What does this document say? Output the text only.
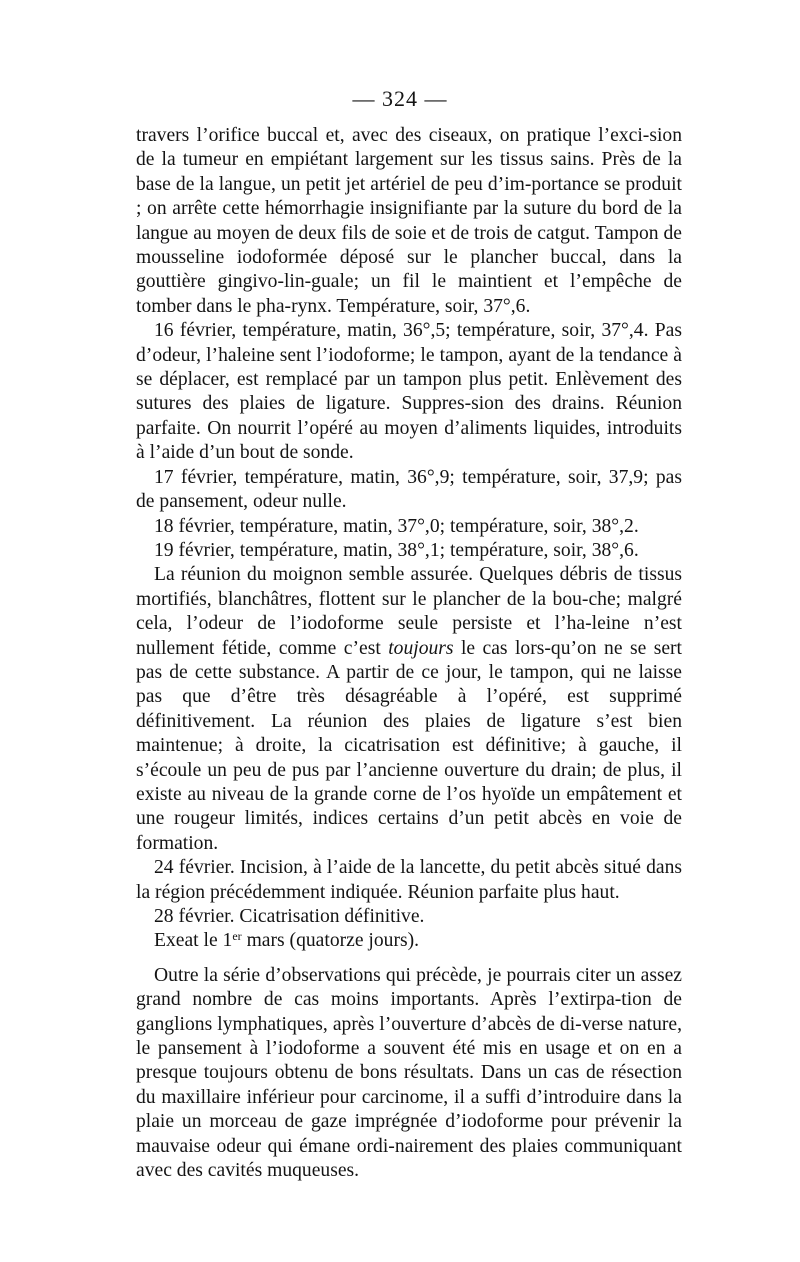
— 324 —

travers l’orifice buccal et, avec des ciseaux, on pratique l’exci-sion de la tumeur en empiétant largement sur les tissus sains. Près de la base de la langue, un petit jet artériel de peu d’im-portance se produit ; on arrête cette hémorrhagie insignifiante par la suture du bord de la langue au moyen de deux fils de soie et de trois de catgut. Tampon de mousseline iodoformée déposé sur le plancher buccal, dans la gouttière gingivo-lin-guale; un fil le maintient et l’empêche de tomber dans le pha-rynx. Température, soir, 37°,6.

16 février, température, matin, 36°,5; température, soir, 37°,4. Pas d’odeur, l’haleine sent l’iodoforme; le tampon, ayant de la tendance à se déplacer, est remplacé par un tampon plus petit. Enlèvement des sutures des plaies de ligature. Suppres-sion des drains. Réunion parfaite. On nourrit l’opéré au moyen d’aliments liquides, introduits à l’aide d’un bout de sonde.

17 février, température, matin, 36°,9; température, soir, 37,9; pas de pansement, odeur nulle.

18 février, température, matin, 37°,0; température, soir, 38°,2.

19 février, température, matin, 38°,1; température, soir, 38°,6.

La réunion du moignon semble assurée. Quelques débris de tissus mortifiés, blanchâtres, flottent sur le plancher de la bou-che; malgré cela, l’odeur de l’iodoforme seule persiste et l’ha-leine n’est nullement fétide, comme c’est toujours le cas lors-qu’on ne se sert pas de cette substance. A partir de ce jour, le tampon, qui ne laisse pas que d’être très désagréable à l’opéré, est supprimé définitivement. La réunion des plaies de ligature s’est bien maintenue; à droite, la cicatrisation est définitive; à gauche, il s’écoule un peu de pus par l’ancienne ouverture du drain; de plus, il existe au niveau de la grande corne de l’os hyoïde un empâtement et une rougeur limités, indices certains d’un petit abcès en voie de formation.

24 février. Incision, à l’aide de la lancette, du petit abcès situé dans la région précédemment indiquée. Réunion parfaite plus haut.

28 février. Cicatrisation définitive.

Exeat le 1er mars (quatorze jours).

Outre la série d’observations qui précède, je pourrais citer un assez grand nombre de cas moins importants. Après l’extirpa-tion de ganglions lymphatiques, après l’ouverture d’abcès de di-verse nature, le pansement à l’iodoforme a souvent été mis en usage et on en a presque toujours obtenu de bons résultats. Dans un cas de résection du maxillaire inférieur pour carcinome, il a suffi d’introduire dans la plaie un morceau de gaze imprégnée d’iodoforme pour prévenir la mauvaise odeur qui émane ordi-nairement des plaies communiquant avec des cavités muqueuses.
